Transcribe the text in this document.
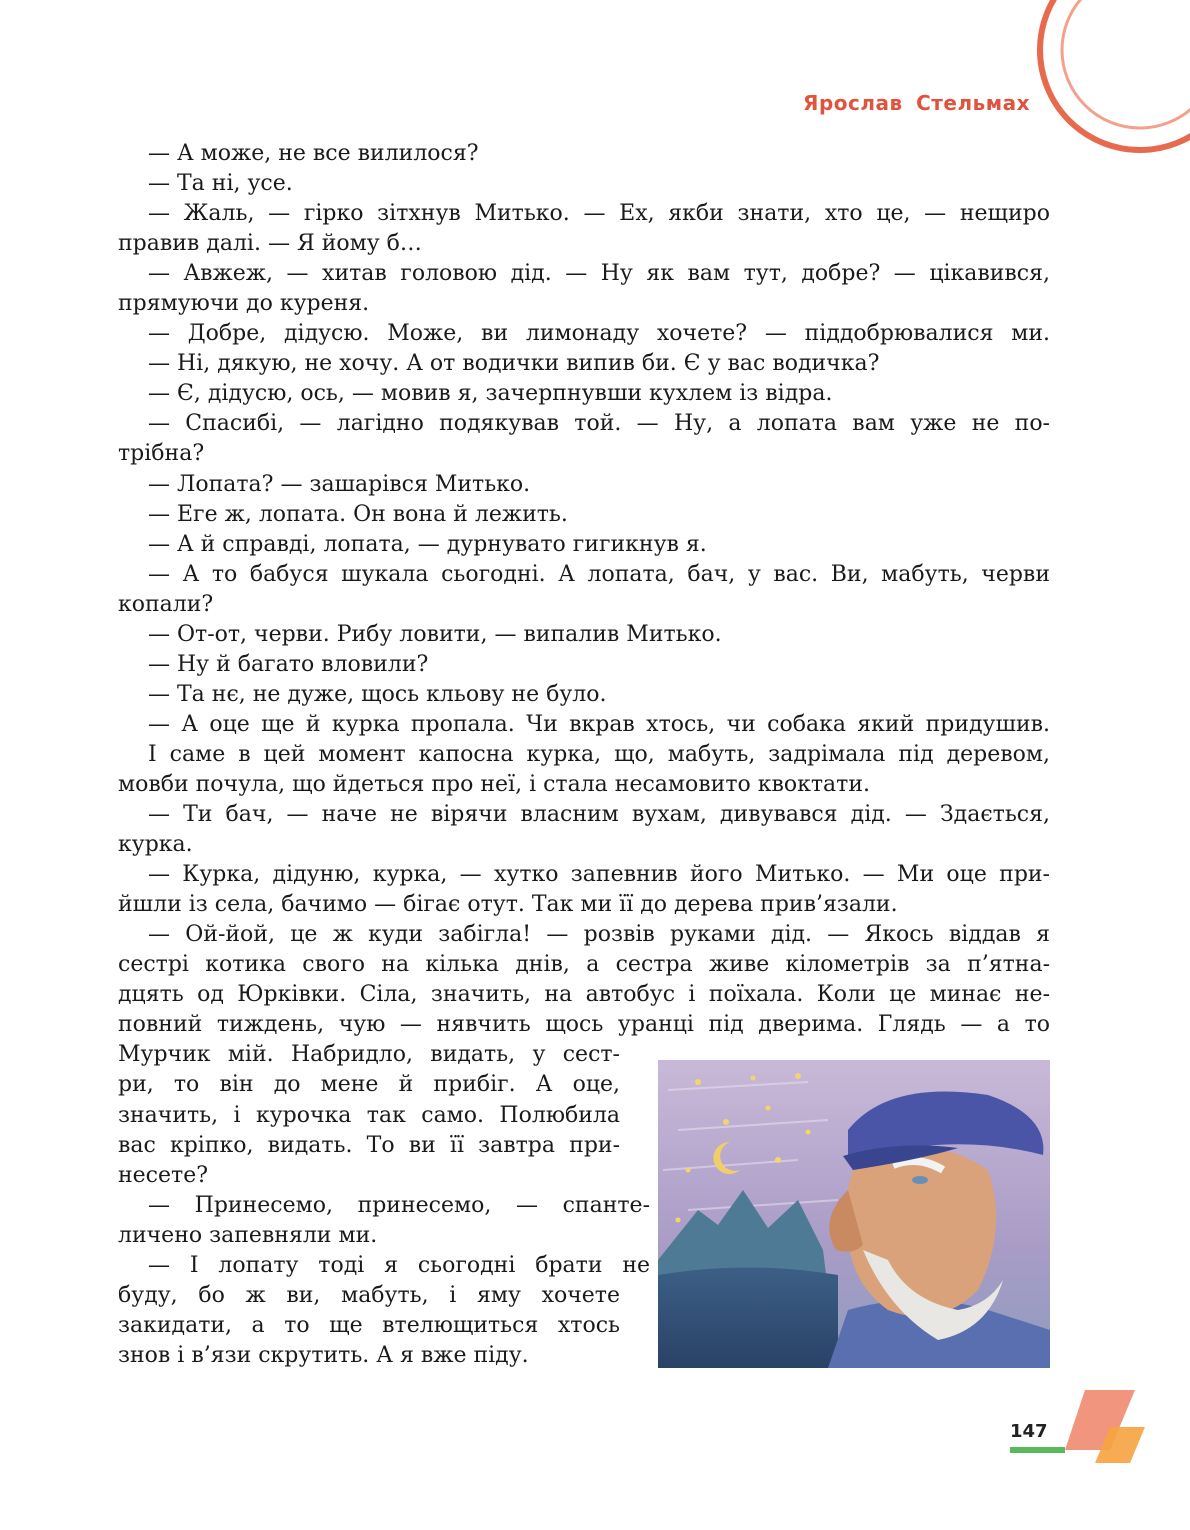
Ярослав Стельмах
— А може, не все вилилося?
— Та ні, усе.
— Жаль, — гірко зітхнув Митько. — Ех, якби знати, хто це, — нещиро
правив далі. — Я йому б…
— Авжеж, — хитав головою дід. — Ну як вам тут, добре? — цікавився,
прямуючи до куреня.
— Добре, дідусю. Може, ви лимонаду хочете? — піддобрювалися ми.
— Ні, дякую, не хочу. А от водички випив би. Є у вас водичка?
— Є, дідусю, ось, — мовив я, зачерпнувши кухлем із відра.
— Спасибі, — лагідно подякував той. — Ну, а лопата вам уже не по-
трібна?
— Лопата? — зашарівся Митько.
— Еге ж, лопата. Он вона й лежить.
— А й справді, лопата, — дурнувато гигикнув я.
— А то бабуся шукала сьогодні. А лопата, бач, у вас. Ви, мабуть, черви
копали?
— От-от, черви. Рибу ловити, — випалив Митько.
— Ну й багато вловили?
— Та нє, не дуже, щось кльову не було.
— А оце ще й курка пропала. Чи вкрав хтось, чи собака який придушив.
І саме в цей момент капосна курка, що, мабуть, задрімала під деревом,
мовби почула, що йдеться про неї, і стала несамовито квоктати.
— Ти бач, — наче не вірячи власним вухам, дивувався дід. — Здається,
курка.
— Курка, дідуню, курка, — хутко запевнив його Митько. — Ми оце при-
йшли із села, бачимо — бігає отут. Так ми її до дерева прив’язали.
— Ой-йой, це ж куди забігла! — розвів руками дід. — Якось віддав я
сестрі котика свого на кілька днів, а сестра живе кілометрів за п’ятна-
дцять од Юрківки. Сіла, значить, на автобус і поїхала. Коли це минає не-
повний тиждень, чую — нявчить щось уранці під дверима. Глядь — а то
Мурчик мій. Набридло, видать, у сест-
ри, то він до мене й прибіг. А оце,
значить, і курочка так само. Полюбила
вас кріпко, видать. То ви її завтра при-
несете?
— Принесемо, принесемо, — спанте-
личено запевняли ми.
— І лопату тоді я сьогодні брати не
буду, бо ж ви, мабуть, і яму хочете
закидати, а то ще втелющиться хтось
знов і в’язи скрутить. А я вже піду.
147
